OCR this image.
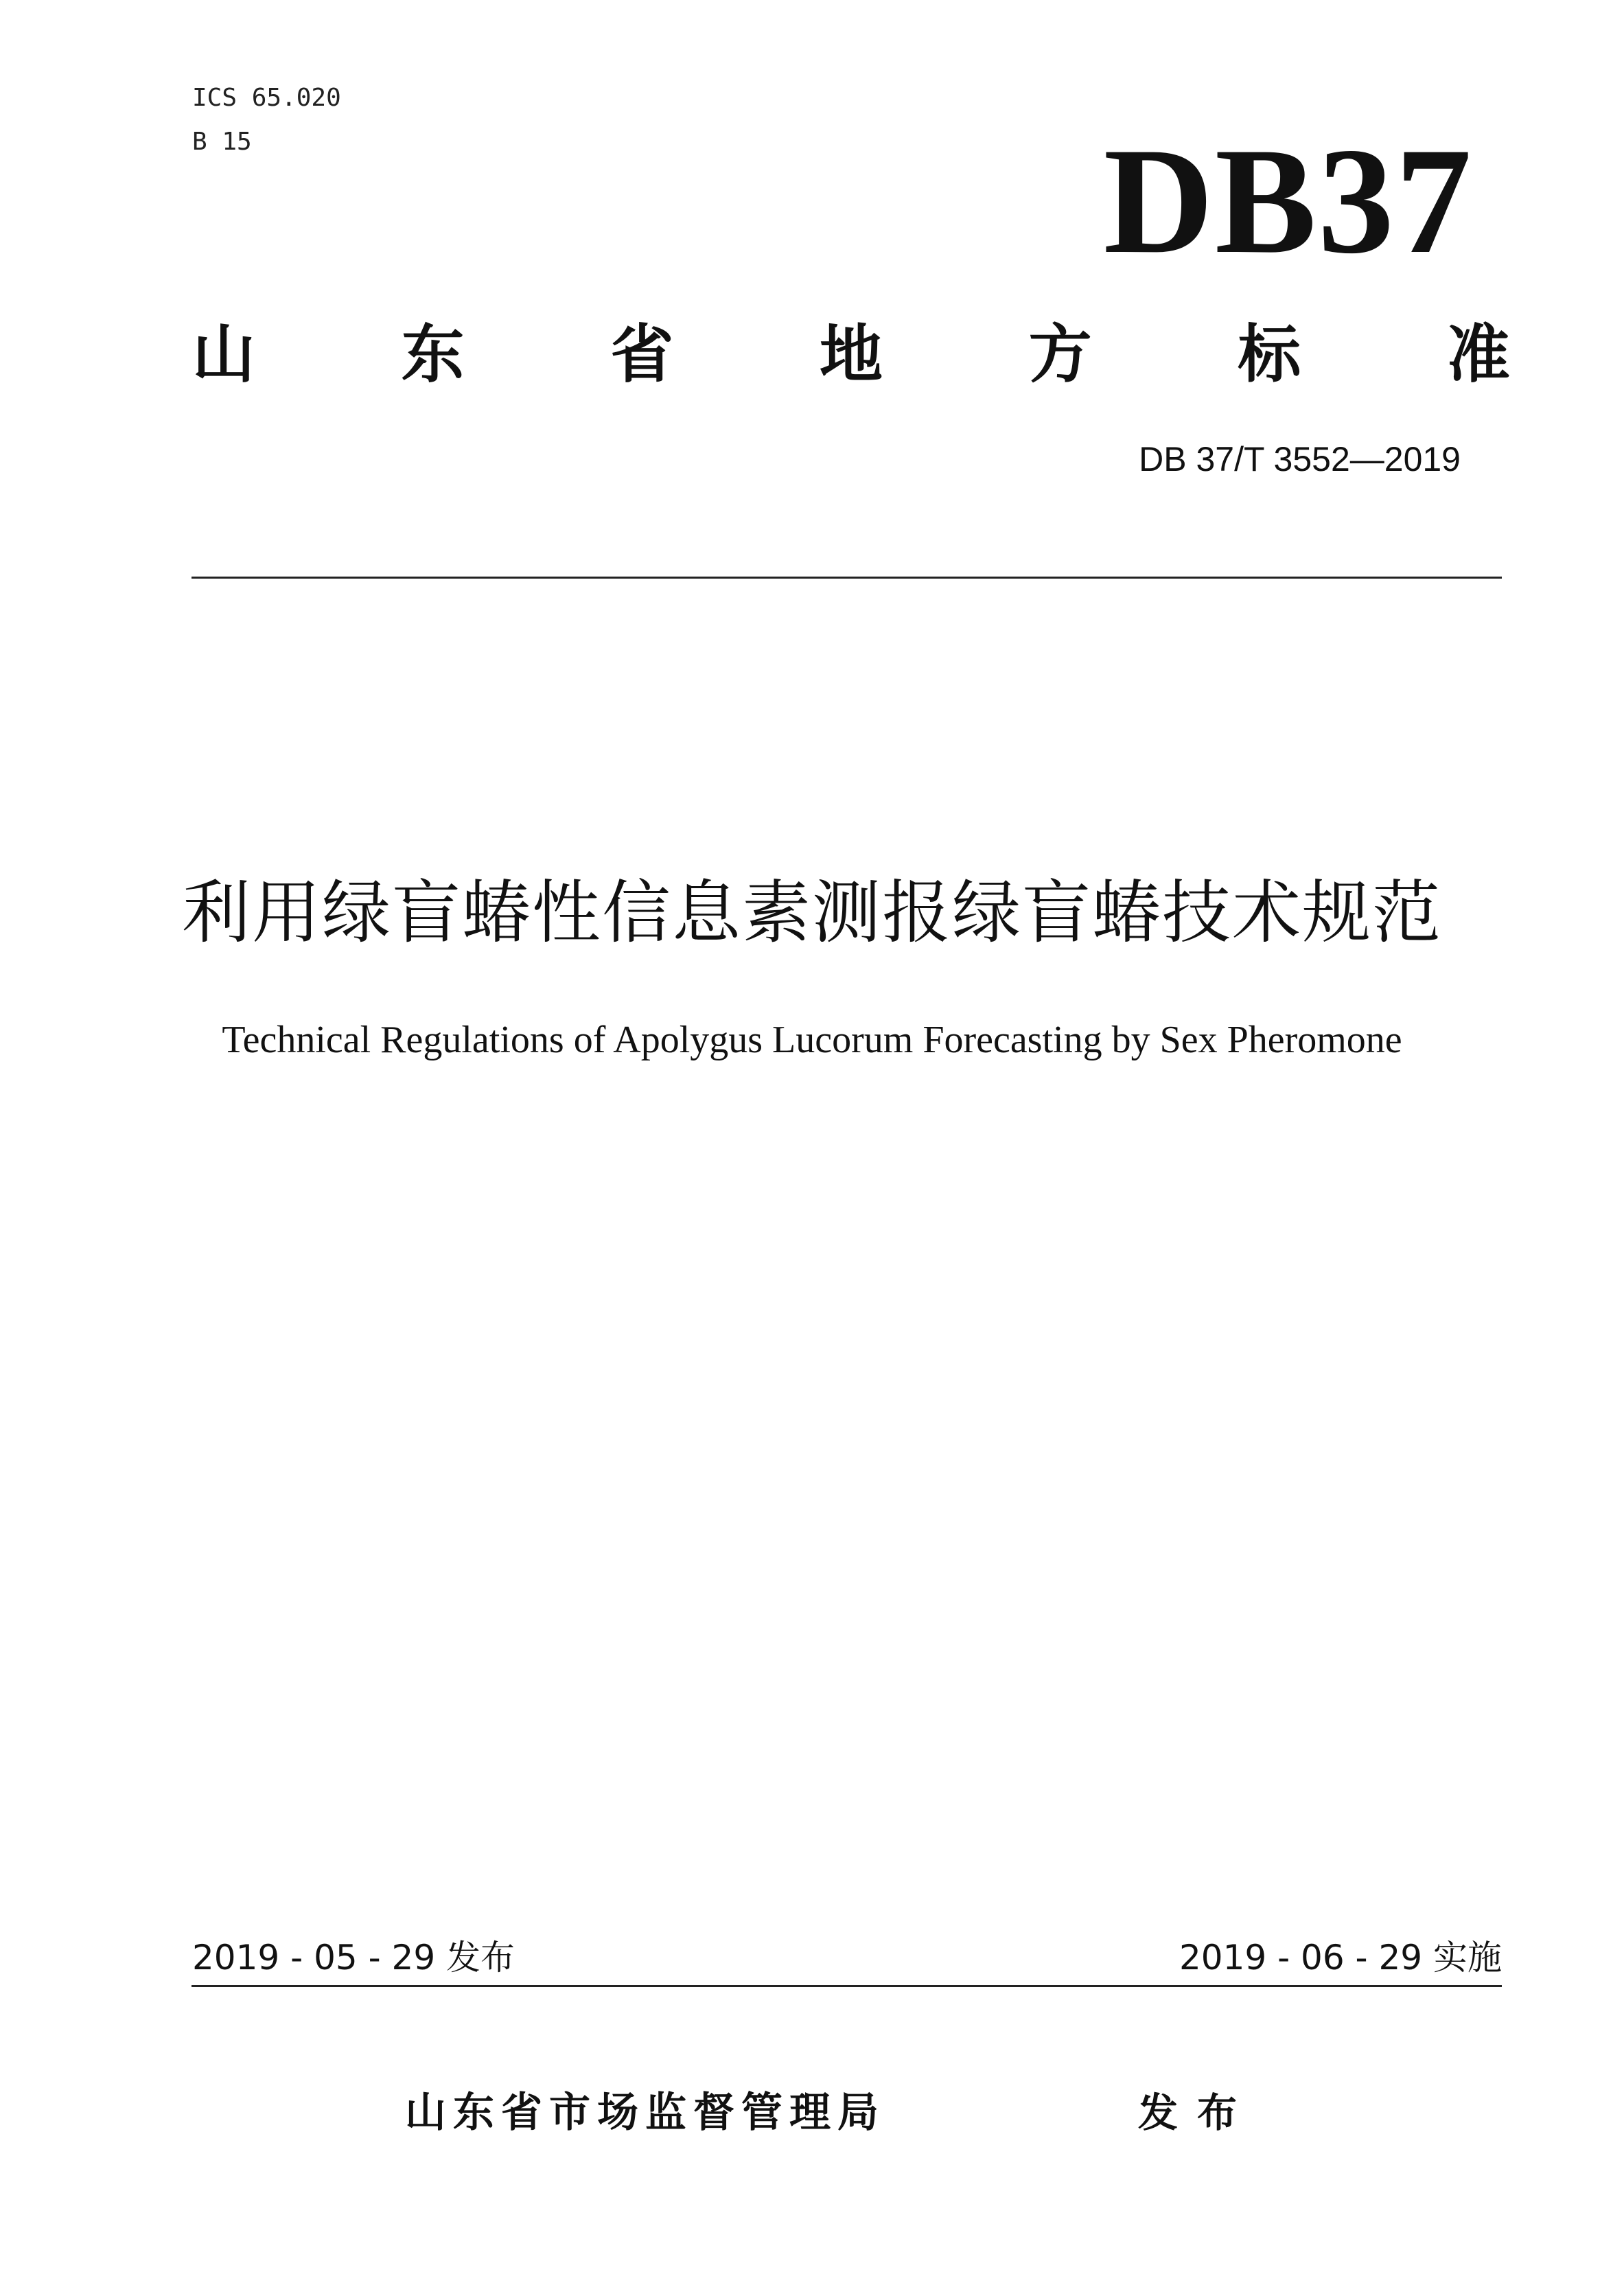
ICS 65.020
B 15	DB37
山 东 省 地 方 标 准
DB 37/T 3552—2019
利用绿盲蝽性信息素测报绿盲蝽技术规范
Technical Regulations of Apolygus Lucorum Forecasting by Sex Pheromone
2019 - 05 - 29 发布	2019 - 06 - 29 实施
山东省市场监督管理局	发布
